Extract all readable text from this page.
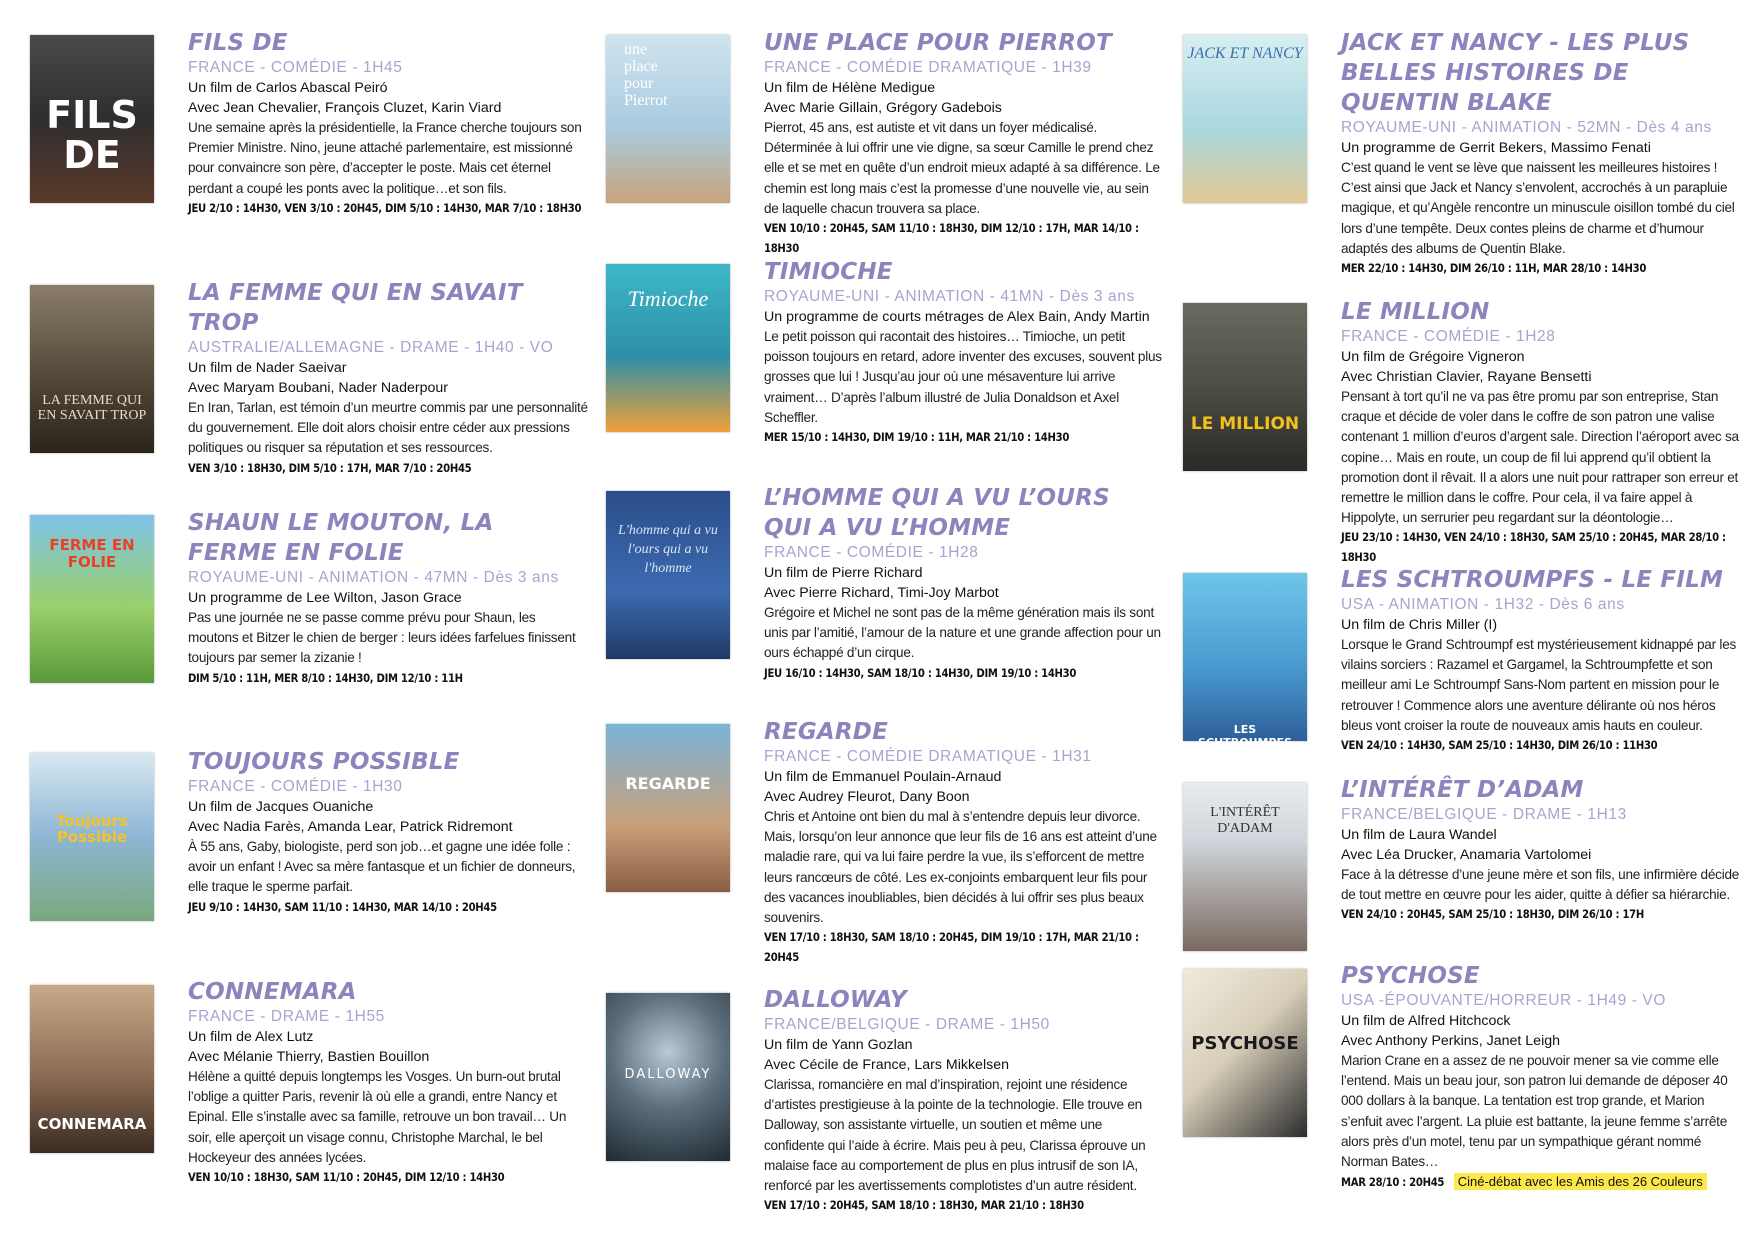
FILS DE
FILS DE
FRANCE - COMÉDIE - 1H45
Un film de Carlos Abascal Peiró
Avec Jean Chevalier, François Cluzet, Karin Viard
Une semaine après la présidentielle, la France cherche toujours son Premier Ministre. Nino, jeune attaché parlementaire, est missionné pour convaincre son père, d’accepter le poste. Mais cet éternel perdant a coupé les ponts avec la politique…et son fils.
JEU 2/10 : 14H30, VEN 3/10 : 20H45, DIM 5/10 : 14H30, MAR 7/10 : 18H30
LA FEMME QUI EN SAVAIT TROP
LA FEMME QUI EN SAVAIT TROP
AUSTRALIE/ALLEMAGNE - DRAME - 1H40 - VO
Un film de Nader Saeivar
Avec Maryam Boubani, Nader Naderpour
En Iran, Tarlan, est témoin d’un meurtre commis par une personnalité du gouvernement. Elle doit alors choisir entre céder aux pressions politiques ou risquer sa réputation et ses ressources.
VEN 3/10 : 18H30, DIM 5/10 : 17H, MAR 7/10 : 20H45
FERME EN FOLIE
SHAUN LE MOUTON, LA FERME EN FOLIE
ROYAUME-UNI - ANIMATION - 47MN - Dès 3 ans
Un programme de Lee Wilton, Jason Grace
Pas une journée ne se passe comme prévu pour Shaun, les moutons et Bitzer le chien de berger : leurs idées farfelues finissent toujours par semer la zizanie !
DIM 5/10 : 11H, MER 8/10 : 14H30, DIM 12/10 : 11H
Toujours Possible
TOUJOURS POSSIBLE
FRANCE - COMÉDIE - 1H30
Un film de Jacques Ouaniche
Avec Nadia Farès, Amanda Lear, Patrick Ridremont
À 55 ans, Gaby, biologiste, perd son job…et gagne une idée folle : avoir un enfant ! Avec sa mère fantasque et un fichier de donneurs, elle traque le sperme parfait.
JEU 9/10 : 14H30, SAM 11/10 : 14H30, MAR 14/10 : 20H45
CONNEMARA
CONNEMARA
FRANCE - DRAME - 1H55
Un film de Alex Lutz
Avec Mélanie Thierry, Bastien Bouillon
Hélène a quitté depuis longtemps les Vosges. Un burn-out brutal l’oblige a quitter Paris, revenir là où elle a grandi, entre Nancy et Epinal. Elle s’installe avec sa famille, retrouve un bon travail… Un soir, elle aperçoit un visage connu, Christophe Marchal, le bel Hockeyeur des années lycées.
VEN 10/10 : 18H30, SAM 11/10 : 20H45, DIM 12/10 : 14H30
une place pour Pierrot
UNE PLACE POUR PIERROT
FRANCE - COMÉDIE DRAMATIQUE - 1H39
Un film de Hélène Medigue
Avec Marie Gillain, Grégory Gadebois
Pierrot, 45 ans, est autiste et vit dans un foyer médicalisé. Déterminée à lui offrir une vie digne, sa sœur Camille le prend chez elle et se met en quête d’un endroit mieux adapté à sa différence. Le chemin est long mais c’est la promesse d’une nouvelle vie, au sein de laquelle chacun trouvera sa place.
VEN 10/10 : 20H45, SAM 11/10 : 18H30, DIM 12/10 : 17H, MAR 14/10 : 18H30
Timioche
TIMIOCHE
ROYAUME-UNI - ANIMATION - 41MN - Dès 3 ans
Un programme de courts métrages de Alex Bain, Andy Martin
Le petit poisson qui racontait des histoires… Timioche, un petit poisson toujours en retard, adore inventer des excuses, souvent plus grosses que lui ! Jusqu’au jour où une mésaventure lui arrive vraiment… D’après l’album illustré de Julia Donaldson et Axel Scheffler.
MER 15/10 : 14H30, DIM 19/10 : 11H, MAR 21/10 : 14H30
L'homme qui a vu l'ours qui a vu l'homme
L’HOMME QUI A VU L’OURS QUI A VU L’HOMME
FRANCE - COMÉDIE - 1H28
Un film de Pierre Richard
Avec Pierre Richard, Timi-Joy Marbot
Grégoire et Michel ne sont pas de la même génération mais ils sont unis par l’amitié, l’amour de la nature et une grande affection pour un ours échappé d’un cirque.
JEU 16/10 : 14H30, SAM 18/10 : 14H30, DIM 19/10 : 14H30
REGARDE
REGARDE
FRANCE - COMÉDIE DRAMATIQUE - 1H31
Un film de Emmanuel Poulain-Arnaud
Avec Audrey Fleurot, Dany Boon
Chris et Antoine ont bien du mal à s’entendre depuis leur divorce. Mais, lorsqu’on leur annonce que leur fils de 16 ans est atteint d’une maladie rare, qui va lui faire perdre la vue, ils s’efforcent de mettre leurs rancœurs de côté. Les ex-conjoints embarquent leur fils pour des vacances inoubliables, bien décidés à lui offrir ses plus beaux souvenirs.
VEN 17/10 : 18H30, SAM 18/10 : 20H45, DIM 19/10 : 17H, MAR 21/10 : 20H45
DALLOWAY
DALLOWAY
FRANCE/BELGIQUE - DRAME - 1H50
Un film de Yann Gozlan
Avec Cécile de France, Lars Mikkelsen
Clarissa, romancière en mal d’inspiration, rejoint une résidence d’artistes prestigieuse à la pointe de la technologie. Elle trouve en Dalloway, son assistante virtuelle, un soutien et même une confidente qui l’aide à écrire. Mais peu à peu, Clarissa éprouve un malaise face au comportement de plus en plus intrusif de son IA, renforcé par les avertissements complotistes d’un autre résident.
VEN 17/10 : 20H45, SAM 18/10 : 18H30, MAR 21/10 : 18H30
JACK ET NANCY JACK ET NANCY - LES PLUS BELLES HISTOIRES DE QUENTIN BLAKE
ROYAUME-UNI - ANIMATION - 52MN - Dès 4 ans
Un programme de Gerrit Bekers, Massimo Fenati
C’est quand le vent se lève que naissent les meilleures histoires ! C’est ainsi que Jack et Nancy s’envolent, accrochés à un parapluie magique, et qu’Angèle rencontre un minuscule oisillon tombé du ciel lors d’une tempête. Deux contes pleins de charme et d’humour adaptés des albums de Quentin Blake.
MER 22/10 : 14H30, DIM 26/10 : 11H, MAR 28/10 : 14H30
LE MILLION
LE MILLION
FRANCE - COMÉDIE - 1H28
Un film de Grégoire Vigneron
Avec Christian Clavier, Rayane Bensetti
Pensant à tort qu’il ne va pas être promu par son entreprise, Stan craque et décide de voler dans le coffre de son patron une valise contenant 1 million d’euros d’argent sale. Direction l’aéroport avec sa copine… Mais en route, un coup de fil lui apprend qu’il obtient la promotion dont il rêvait. Il a alors une nuit pour rattraper son erreur et remettre le million dans le coffre. Pour cela, il va faire appel à Hippolyte, un serrurier peu regardant sur la déontologie…
JEU 23/10 : 14H30, VEN 24/10 : 18H30, SAM 25/10 : 20H45, MAR 28/10 : 18H30
LES SCHTROUMPFS
LES SCHTROUMPFS - LE FILM
USA - ANIMATION - 1H32 - Dès 6 ans
Un film de Chris Miller (I)
Lorsque le Grand Schtroumpf est mystérieusement kidnappé par les vilains sorciers : Razamel et Gargamel, la Schtroumpfette et son meilleur ami Le Schtroumpf Sans-Nom partent en mission pour le retrouver ! Commence alors une aventure délirante où nos héros bleus vont croiser la route de nouveaux amis hauts en couleur.
VEN 24/10 : 14H30, SAM 25/10 : 14H30, DIM 26/10 : 11H30
L'INTÉRÊT D'ADAM
L’INTÉRÊT D’ADAM
FRANCE/BELGIQUE - DRAME - 1H13
Un film de Laura Wandel
Avec Léa Drucker, Anamaria Vartolomei
Face à la détresse d’une jeune mère et son fils, une infirmière décide de tout mettre en œuvre pour les aider, quitte à défier sa hiérarchie.
VEN 24/10 : 20H45, SAM 25/10 : 18H30, DIM 26/10 : 17H
PSYCHOSE
PSYCHOSE
USA -ÉPOUVANTE/HORREUR - 1H49 - VO
Un film de Alfred Hitchcock
Avec Anthony Perkins, Janet Leigh
Marion Crane en a assez de ne pouvoir mener sa vie comme elle l’entend. Mais un beau jour, son patron lui demande de déposer 40 000 dollars à la banque. La tentation est trop grande, et Marion s’enfuit avec l’argent. La pluie est battante, la jeune femme s’arrête alors près d’un motel, tenu par un sympathique gérant nommé Norman Bates…
MAR 28/10 : 20H45 Ciné-débat avec les Amis des 26 Couleurs
